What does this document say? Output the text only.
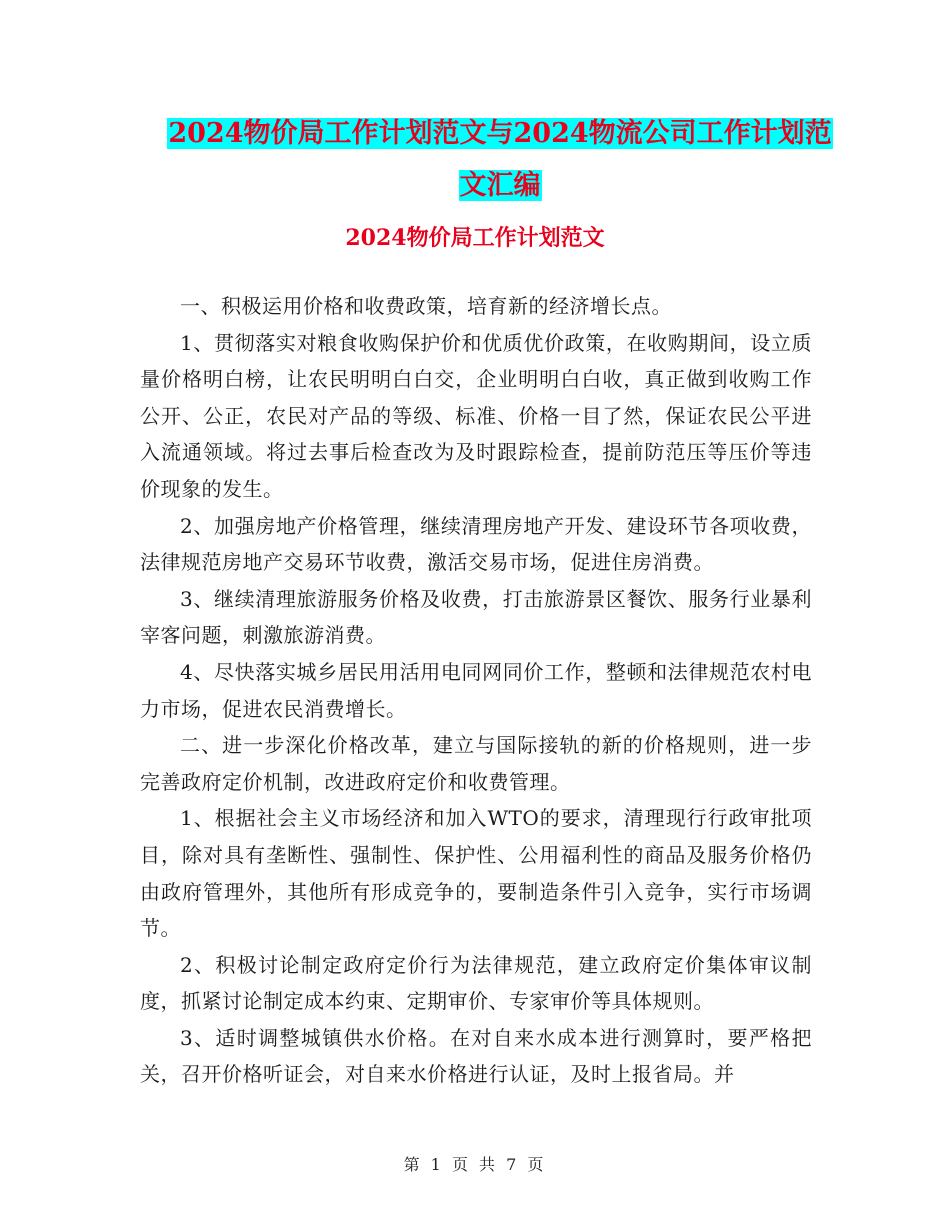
2024物价局工作计划范文与2024物流公司工作计划范
文汇编
2024物价局工作计划范文

一、积极运用价格和收费政策，培育新的经济增长点。

1、贯彻落实对粮食收购保护价和优质优价政策，在收购期间，设立质量价格明白榜，让农民明明白白交，企业明明白白收，真正做到收购工作公开、公正，农民对产品的等级、标准、价格一目了然，保证农民公平进入流通领域。将过去事后检查改为及时跟踪检查，提前防范压等压价等违价现象的发生。

2、加强房地产价格管理，继续清理房地产开发、建设环节各项收费，法律规范房地产交易环节收费，激活交易市场，促进住房消费。

3、继续清理旅游服务价格及收费，打击旅游景区餐饮、服务行业暴利宰客问题，刺激旅游消费。

4、尽快落实城乡居民用活用电同网同价工作，整顿和法律规范农村电力市场，促进农民消费增长。

二、进一步深化价格改革，建立与国际接轨的新的价格规则，进一步完善政府定价机制，改进政府定价和收费管理。

1、根据社会主义市场经济和加入WTO的要求，清理现行行政审批项目，除对具有垄断性、强制性、保护性、公用福利性的商品及服务价格仍由政府管理外，其他所有形成竞争的，要制造条件引入竞争，实行市场调节。

2、积极讨论制定政府定价行为法律规范，建立政府定价集体审议制度，抓紧讨论制定成本约束、定期审价、专家审价等具体规则。

3、适时调整城镇供水价格。在对自来水成本进行测算时，要严格把关，召开价格听证会，对自来水价格进行认证，及时上报省局。并

第 1 页 共 7 页
